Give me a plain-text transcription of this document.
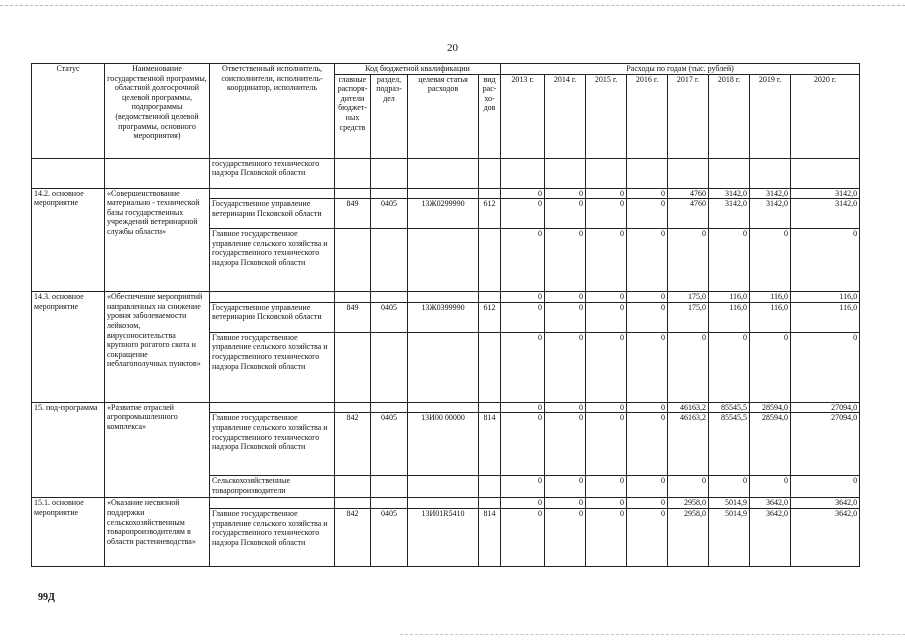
20
Статус	Наименование государственной программы, областной долгосрочной целевой программы, подпрограммы (ведомственной целевой программы, основного мероприятия)	Ответственный исполнитель, соисполнители, исполнитель-координатор, исполнитель	Код бюджетной квалификации				Расходы по годам (тыс. рублей)							
			главные распоря-дители бюджет-ных средств	раздел, подраз-дел	целевая статья расходов	вид рас-хо-дов	2013 г.	2014 г.	2015 г.	2016 г.	2017 г.	2018 г.	2019 г.	2020 г.
		государственного технического надзора Псковской области												
14.2. основное мероприятие	«Совершенствование материально - технической базы государственных учреждений ветеринарной службы области»						0	0	0	0	4760	3142,0	3142,0	3142,0
		Государственное управление ветеринарии Псковской области	849	0405	13Ж0299990	612	0	0	0	0	4760	3142,0	3142,0	3142,0
		Главное государственное управление сельского хозяйства и государственного технического надзора Псковской области					0	0	0	0	0	0	0	0
14.3. основное мероприятие	«Обеспечение мероприятий направленных на снижение уровня заболеваемости лейкозом, вирусоносительства крупного рогатого скота и сокращение неблагополучных пунктов»						0	0	0	0	175,0	116,0	116,0	116,0
		Государственное управление ветеринарии Псковской области	849	0405	13Ж0399990	612	0	0	0	0	175,0	116,0	116,0	116,0
		Главное государственное управление сельского хозяйства и государственного технического надзора Псковской области					0	0	0	0	0	0	0	0
15. под-программа	«Развитие отраслей агропромышленного комплекса»						0	0	0	0	46163,2	85545,5	28594,0	27094,0
		Главное государственное управление сельского хозяйства и государственного технического надзора Псковской области	842	0405	13И00 00000	814	0	0	0	0	46163,2	85545,5	28594,0	27094,0
		Сельскохозяйственные товаропроизводители					0	0	0	0	0	0	0	0
15.1. основное мероприятие	«Оказание несвязной поддержки сельскохозяйственным товаропроизводителям в области растениеводства»						0	0	0	0	2958,0	5014,9	3642,0	3642,0
		Главное государственное управление сельского хозяйства и государственного технического надзора Псковской области	842	0405	13И01R5410	814	0	0	0	0	2958,0	5014,9	3642,0	3642,0
99Д
